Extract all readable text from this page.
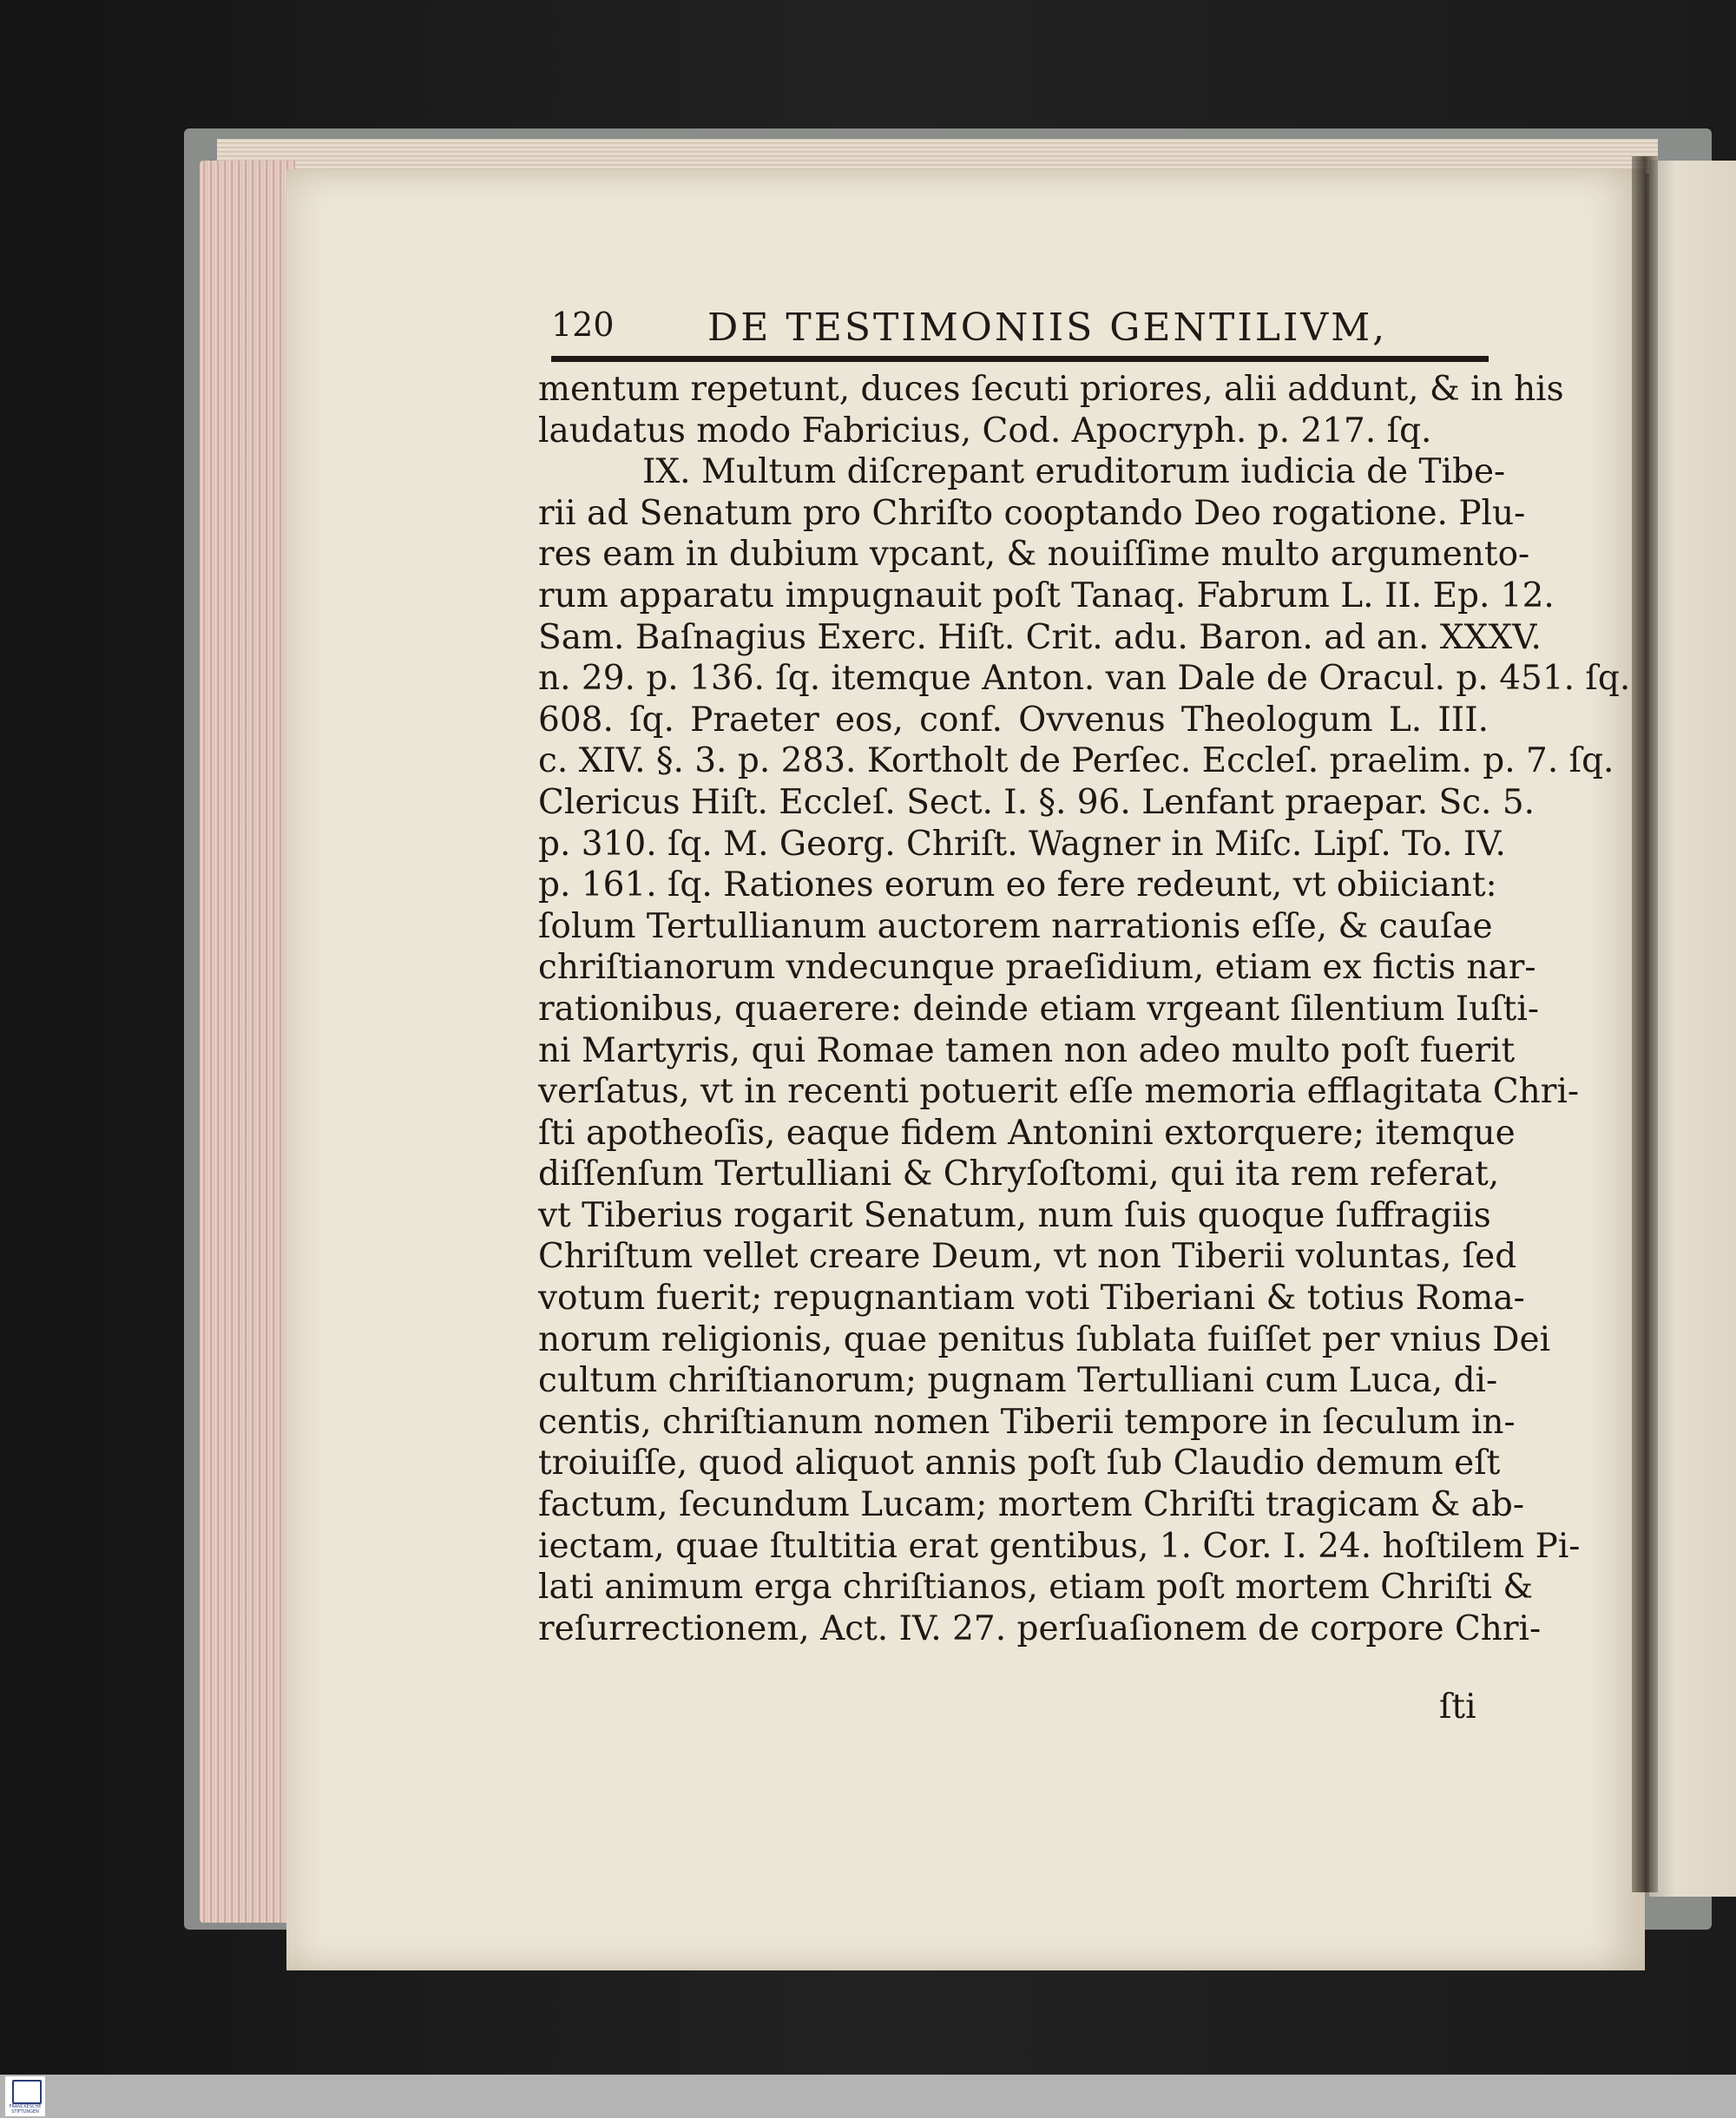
120 DE TESTIMONIIS GENTILIVM,
mentum repetunt, duces ſecuti priores, alii addunt, & in his
laudatus modo Fabricius, Cod. Apocryph. p. 217. ſq.
IX. Multum diſcrepant eruditorum iudicia de Tibe-
rii ad Senatum pro Chriſto cooptando Deo rogatione. Plu-
res eam in dubium vpcant, & nouiſſime multo argumento-
rum apparatu impugnauit poſt Tanaq. Fabrum L. II. Ep. 12.
Sam. Baſnagius Exerc. Hiſt. Crit. adu. Baron. ad an. XXXV.
n. 29. p. 136. ſq. itemque Anton. van Dale de Oracul. p. 451. ſq.
608. ſq. Praeter eos, conf. Ovvenus Theologum L. III.
c. XIV. §. 3. p. 283. Kortholt de Perſec. Eccleſ. praelim. p. 7. ſq.
Clericus Hiſt. Eccleſ. Sect. I. §. 96. Lenfant praepar. Sc. 5.
p. 310. ſq. M. Georg. Chriſt. Wagner in Miſc. Lipſ. To. IV.
p. 161. ſq. Rationes eorum eo fere redeunt, vt obiiciant:
ſolum Tertullianum auctorem narrationis eſſe, & cauſae
chriſtianorum vndecunque praeſidium, etiam ex fictis nar-
rationibus, quaerere: deinde etiam vrgeant ſilentium Iuſti-
ni Martyris, qui Romae tamen non adeo multo poſt fuerit
verſatus, vt in recenti potuerit eſſe memoria efflagitata Chri-
ſti apotheoſis, eaque fidem Antonini extorquere; itemque
diſſenſum Tertulliani & Chryſoſtomi, qui ita rem referat,
vt Tiberius rogarit Senatum, num ſuis quoque ſuffragiis
Chriſtum vellet creare Deum, vt non Tiberii voluntas, ſed
votum fuerit; repugnantiam voti Tiberiani & totius Roma-
norum religionis, quae penitus ſublata fuiſſet per vnius Dei
cultum chriſtianorum; pugnam Tertulliani cum Luca, di-
centis, chriſtianum nomen Tiberii tempore in ſeculum in-
troiuiſſe, quod aliquot annis poſt ſub Claudio demum eſt
factum, ſecundum Lucam; mortem Chriſti tragicam & ab-
iectam, quae ſtultitia erat gentibus, 1. Cor. I. 24. hoſtilem Pi-
lati animum erga chriſtianos, etiam poſt mortem Chriſti &
reſurrectionem, Act. IV. 27. perſuaſionem de corpore Chri-
ſti
FRANCKESCHE STIFTUNGEN
